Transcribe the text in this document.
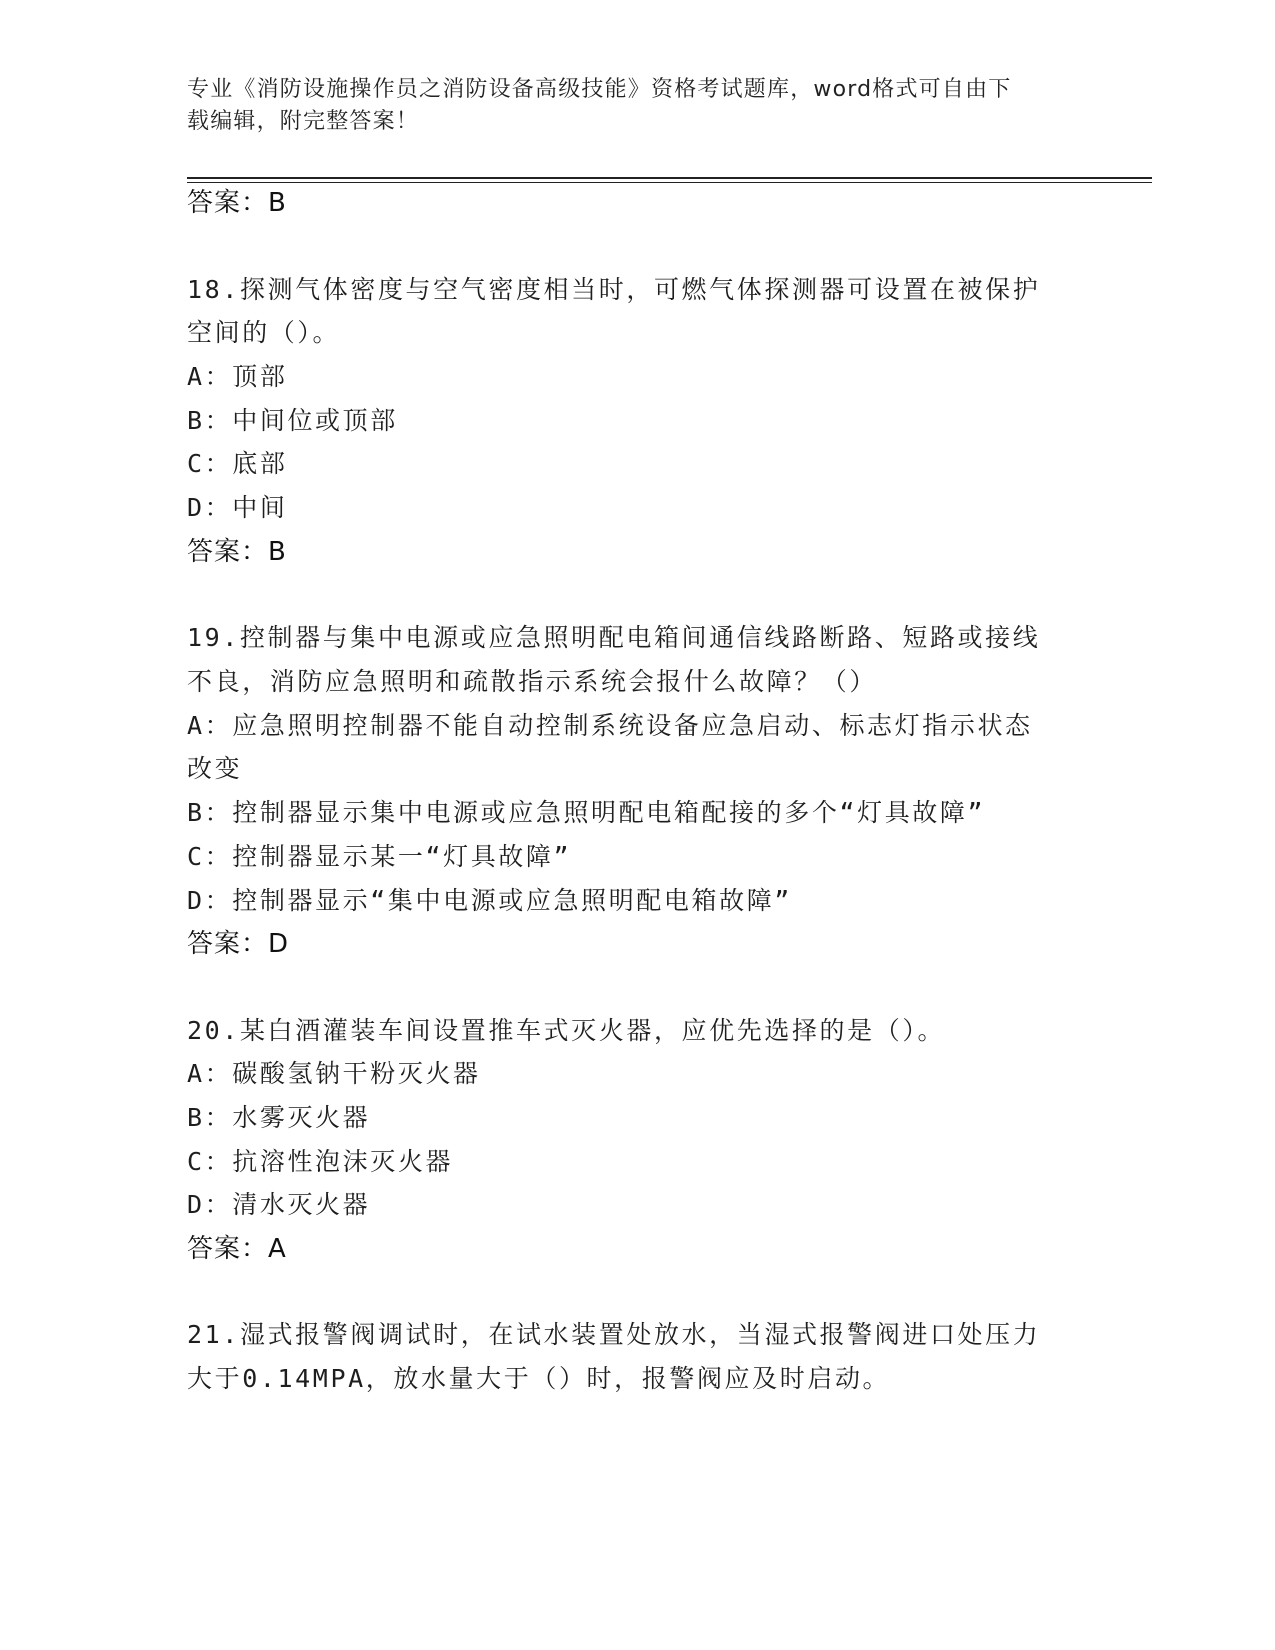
专业《消防设施操作员之消防设备高级技能》资格考试题库，word格式可自由下
载编辑，附完整答案！
答案：B
18.探测气体密度与空气密度相当时，可燃气体探测器可设置在被保护
空间的（）。
A：顶部
B：中间位或顶部
C：底部
D：中间
答案：B
19.控制器与集中电源或应急照明配电箱间通信线路断路、短路或接线
不良，消防应急照明和疏散指示系统会报什么故障？（）
A：应急照明控制器不能自动控制系统设备应急启动、标志灯指示状态
改变
B：控制器显示集中电源或应急照明配电箱配接的多个“灯具故障”
C：控制器显示某一“灯具故障”
D：控制器显示“集中电源或应急照明配电箱故障”
答案：D
20.某白酒灌装车间设置推车式灭火器，应优先选择的是（）。
A：碳酸氢钠干粉灭火器
B：水雾灭火器
C：抗溶性泡沫灭火器
D：清水灭火器
答案：A
21.湿式报警阀调试时，在试水装置处放水，当湿式报警阀进口处压力
大于0.14MPA，放水量大于（）时，报警阀应及时启动。
